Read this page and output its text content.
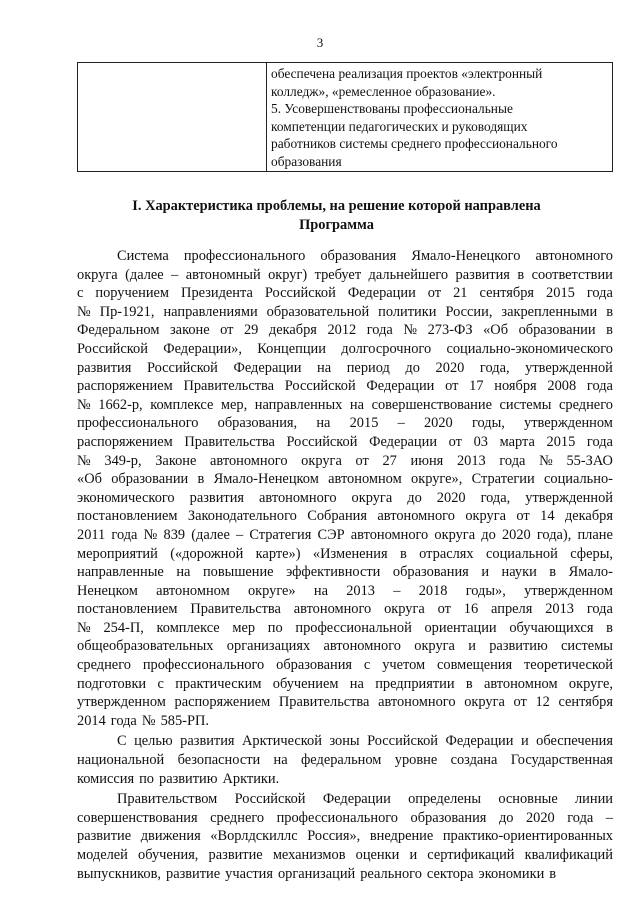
3

обеспечена реализация проектов «электронный
колледж», «ремесленное образование».
5. Усовершенствованы профессиональные
компетенции педагогических и руководящих
работников системы среднего профессионального
образования
I. Характеристика проблемы, на решение которой направлена
Программа
Система профессионального образования Ямало-Ненецкого автономного
округа (далее – автономный округ) требует дальнейшего развития в соответствии
с поручением Президента Российской Федерации от 21 сентября 2015 года
№ Пр-1921, направлениями образовательной политики России, закрепленными в
Федеральном законе от 29 декабря 2012 года № 273-ФЗ «Об образовании в
Российской Федерации», Концепции долгосрочного социально-экономического
развития Российской Федерации на период до 2020 года, утвержденной
распоряжением Правительства Российской Федерации от 17 ноября 2008 года
№ 1662-р, комплексе мер, направленных на совершенствование системы среднего
профессионального образования, на 2015 – 2020 годы, утвержденном
распоряжением Правительства Российской Федерации от 03 марта 2015 года
№ 349-р, Законе автономного округа от 27 июня 2013 года № 55-ЗАО
«Об образовании в Ямало-Ненецком автономном округе», Стратегии социально-
экономического развития автономного округа до 2020 года, утвержденной
постановлением Законодательного Собрания автономного округа от 14 декабря
2011 года № 839 (далее – Стратегия СЭР автономного округа до 2020 года), плане
мероприятий («дорожной карте») «Изменения в отраслях социальной сферы,
направленные на повышение эффективности образования и науки в Ямало-
Ненецком автономном округе» на 2013 – 2018 годы», утвержденном
постановлением Правительства автономного округа от 16 апреля 2013 года
№ 254-П, комплексе мер по профессиональной ориентации обучающихся в
общеобразовательных организациях автономного округа и развитию системы
среднего профессионального образования с учетом совмещения теоретической
подготовки с практическим обучением на предприятии в автономном округе,
утвержденном распоряжением Правительства автономного округа от 12 сентября
2014 года № 585-РП.
С целью развития Арктической зоны Российской Федерации и обеспечения
национальной безопасности на федеральном уровне создана Государственная
комиссия по развитию Арктики.
Правительством Российской Федерации определены основные линии
совершенствования среднего профессионального образования до 2020 года –
развитие движения «Ворлдскиллс Россия», внедрение практико-ориентированных
моделей обучения, развитие механизмов оценки и сертификаций квалификаций
выпускников, развитие участия организаций реального сектора экономики в
